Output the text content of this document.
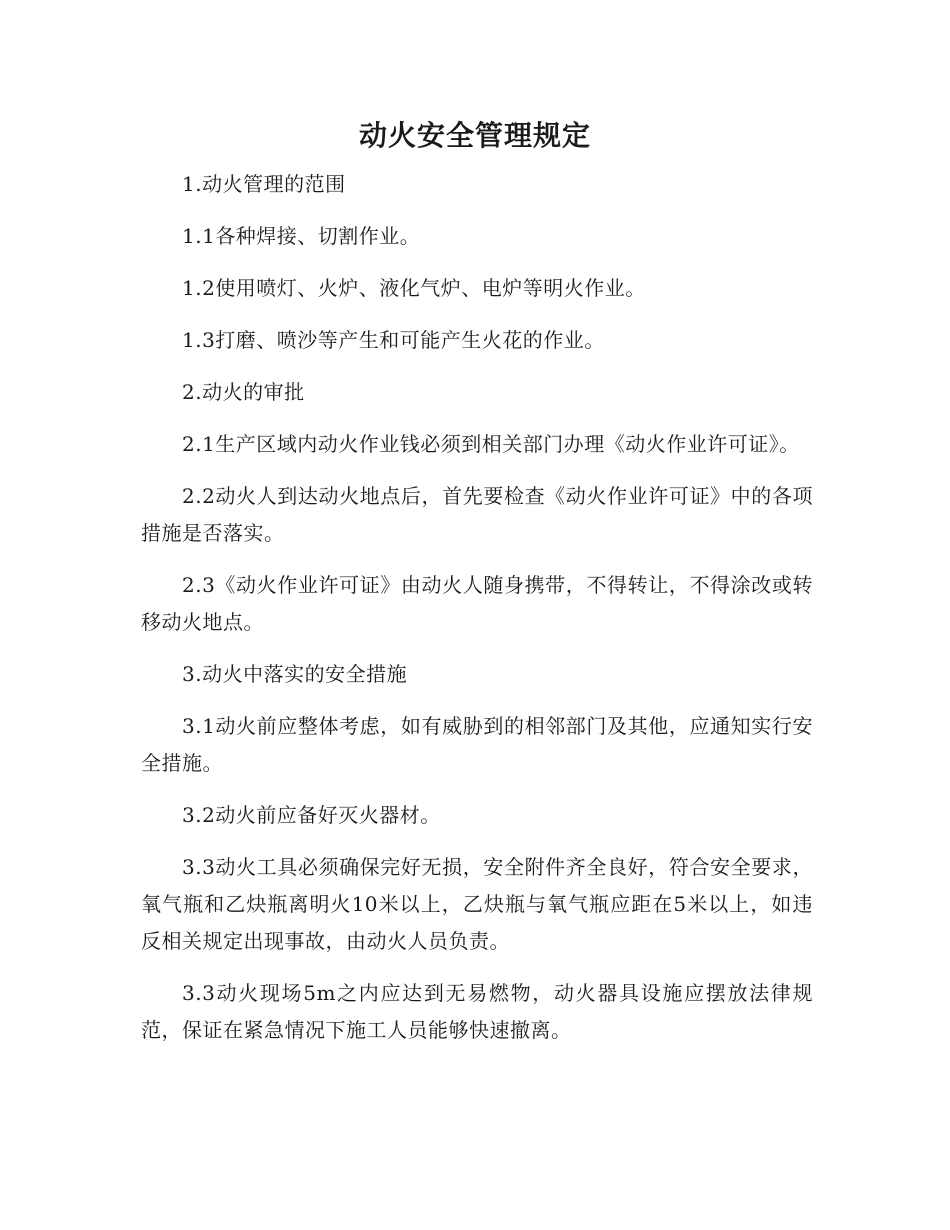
动火安全管理规定

1.动火管理的范围

1.1各种焊接、切割作业。

1.2使用喷灯、火炉、液化气炉、电炉等明火作业。

1.3打磨、喷沙等产生和可能产生火花的作业。

2.动火的审批

2.1生产区域内动火作业钱必须到相关部门办理《动火作业许可证》。

2.2动火人到达动火地点后，首先要检查《动火作业许可证》中的各项措施是否落实。

2.3《动火作业许可证》由动火人随身携带，不得转让，不得涂改或转移动火地点。

3.动火中落实的安全措施

3.1动火前应整体考虑，如有威胁到的相邻部门及其他，应通知实行安全措施。

3.2动火前应备好灭火器材。

3.3动火工具必须确保完好无损，安全附件齐全良好，符合安全要求，氧气瓶和乙炔瓶离明火10米以上，乙炔瓶与氧气瓶应距在5米以上，如违反相关规定出现事故，由动火人员负责。

3.3动火现场5m之内应达到无易燃物，动火器具设施应摆放法律规范，保证在紧急情况下施工人员能够快速撤离。
